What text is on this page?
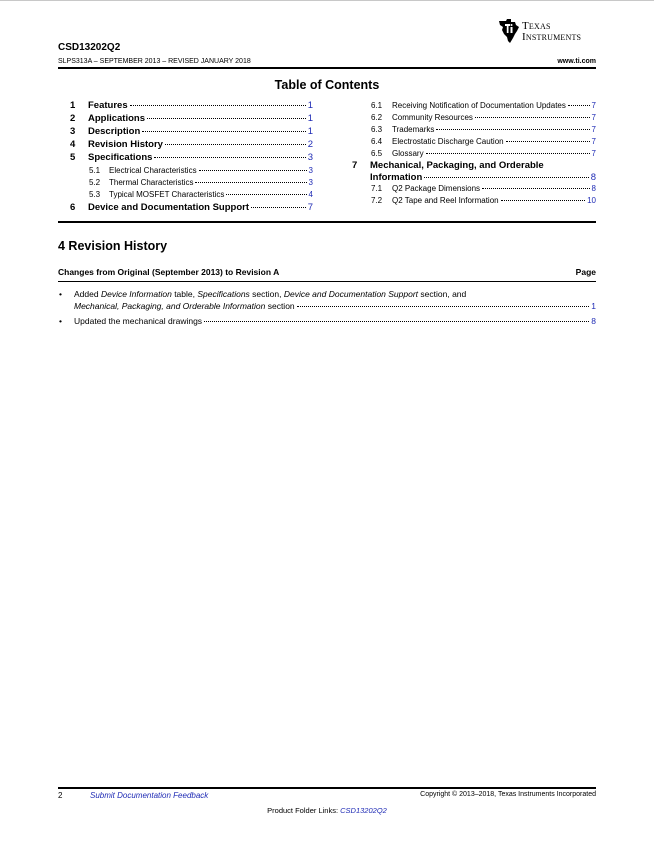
CSD13202Q2
SLPS313A – SEPTEMBER 2013 – REVISED JANUARY 2018	www.ti.com
Texas
Instruments
Table of Contents
1	Features	1
2	Applications	1
3	Description	1
4	Revision History	2
5	Specifications	3
5.1	Electrical Characteristics	3
5.2	Thermal Characteristics	3
5.3	Typical MOSFET Characteristics	4
6	Device and Documentation Support	7
6.1	Receiving Notification of Documentation Updates	7
6.2	Community Resources	7
6.3	Trademarks	7
6.4	Electrostatic Discharge Caution	7
6.5	Glossary	7
7 Mechanical, Packaging, and Orderable
Information	8
7.1	Q2 Package Dimensions	8
7.2	Q2 Tape and Reel Information	10
4 Revision History
Changes from Original (September 2013) to Revision A	Page
• Added Device Information table, Specifications section, Device and Documentation Support section, and
Mechanical, Packaging, and Orderable Information section	1
• Updated the mechanical drawings	8
2	Submit Documentation Feedback	Copyright © 2013–2018, Texas Instruments Incorporated
Product Folder Links: CSD13202Q2
